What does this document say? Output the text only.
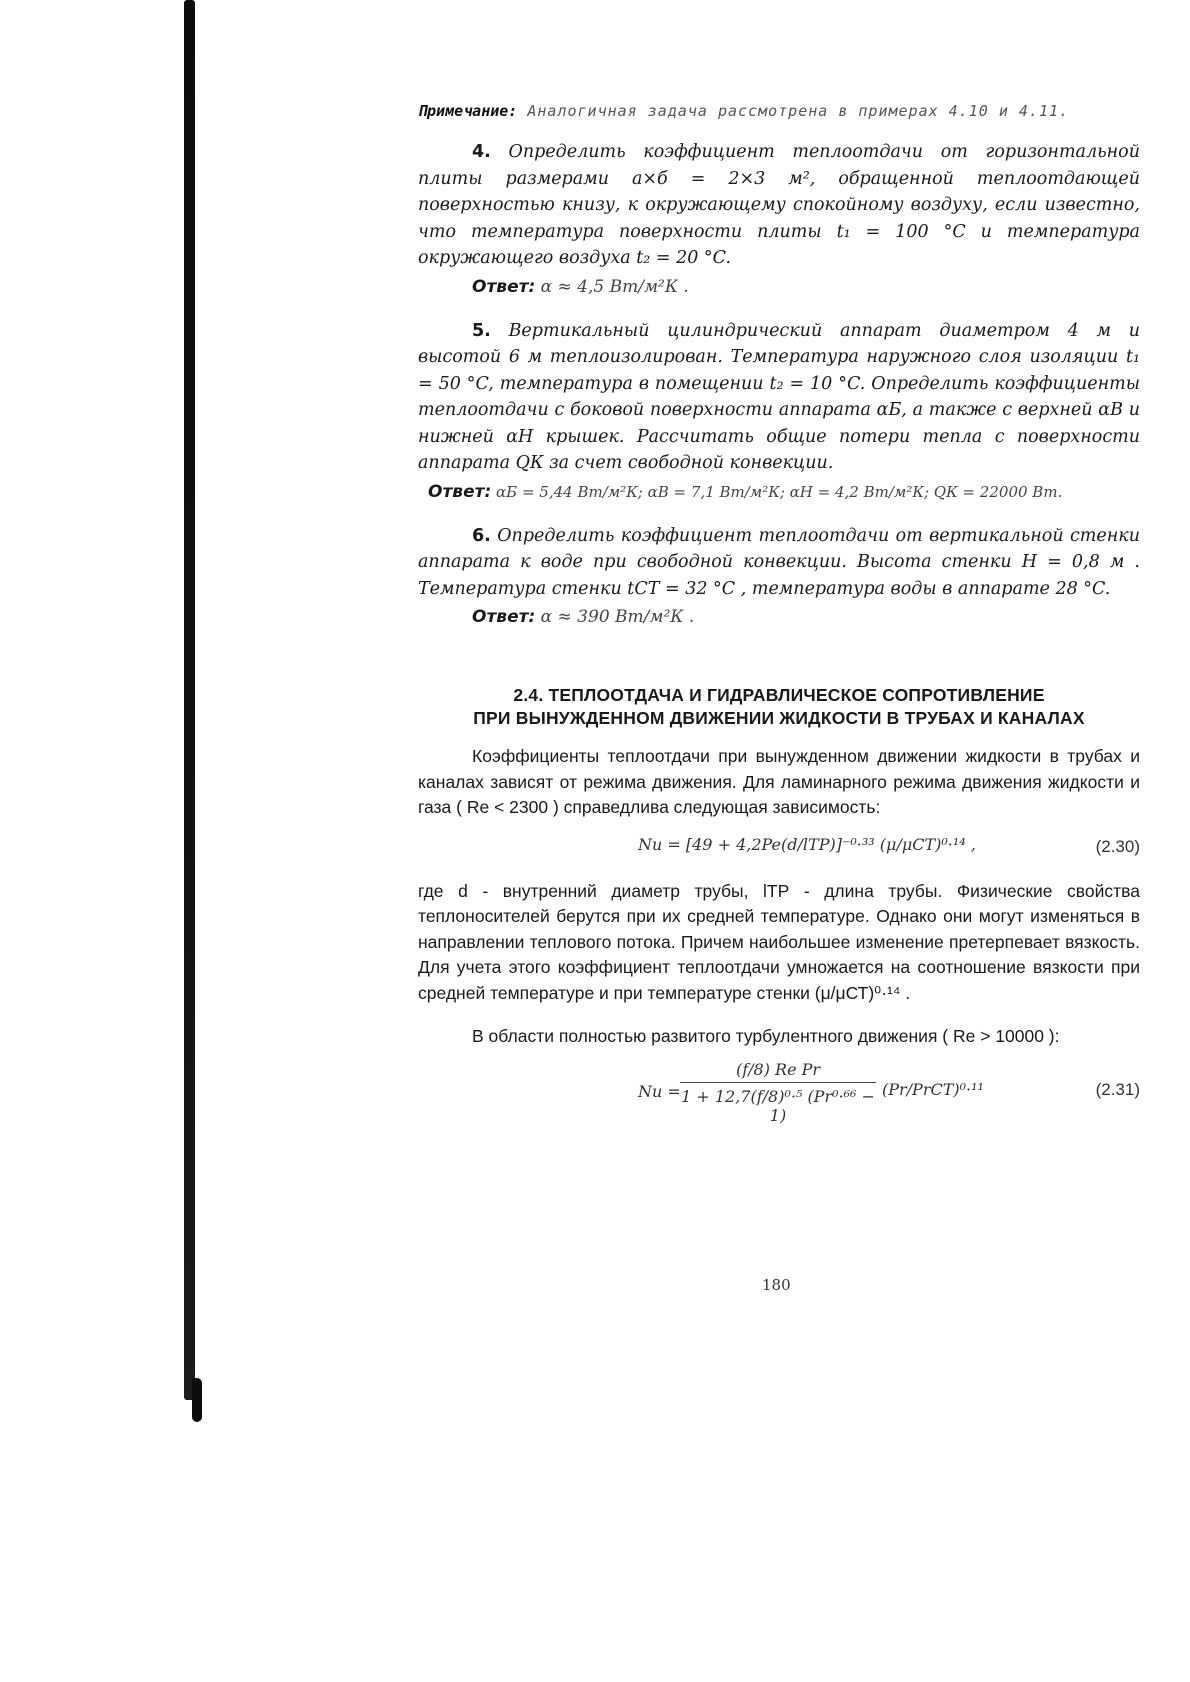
Примечание: Аналогичная задача рассмотрена в примерах 4.10 и 4.11.
4. Определить коэффициент теплоотдачи от горизонтальной плиты размерами a×б = 2×3 м², обращенной теплоотдающей поверхностью книзу, к окружающему спокойному воздуху, если известно, что температура поверхности плиты t₁ = 100 °C и температура окружающего воздуха t₂ = 20 °C.
Ответ: α ≈ 4,5 Вт/м²К .
5. Вертикальный цилиндрический аппарат диаметром 4 м и высотой 6 м теплоизолирован. Температура наружного слоя изоляции t₁ = 50 °C, температура в помещении t₂ = 10 °C. Определить коэффициенты теплоотдачи с боковой поверхности аппарата αБ, а также с верхней αВ и нижней αН крышек. Рассчитать общие потери тепла с поверхности аппарата QК за счет свободной конвекции.
Ответ: αБ = 5,44 Вт/м²К; αВ = 7,1 Вт/м²К; αН = 4,2 Вт/м²К; QК = 22000 Вт.
6. Определить коэффициент теплоотдачи от вертикальной стенки аппарата к воде при свободной конвекции. Высота стенки H = 0,8 м . Температура стенки tСТ = 32 °C , температура воды в аппарате 28 °C.
Ответ: α ≈ 390 Вт/м²К .
2.4. ТЕПЛООТДАЧА И ГИДРАВЛИЧЕСКОЕ СОПРОТИВЛЕНИЕ
ПРИ ВЫНУЖДЕННОМ ДВИЖЕНИИ ЖИДКОСТИ В ТРУБАХ И КАНАЛАХ
Коэффициенты теплоотдачи при вынужденном движении жидкости в трубах и каналах зависят от режима движения. Для ламинарного режима движения жидкости и газа ( Re < 2300 ) справедлива следующая зависимость:
Nu = [49 + 4,2Pe(d/lТР)]⁻⁰·³³ (μ/μСТ)⁰·¹⁴ ,	(2.30)
где d - внутренний диаметр трубы, lТР - длина трубы. Физические свойства теплоносителей берутся при их средней температуре. Однако они могут изменяться в направлении теплового потока. Причем наибольшее изменение претерпевает вязкость. Для учета этого коэффициент теплоотдачи умножается на соотношение вязкости при средней температуре и при температуре стенки (μ/μСТ)⁰·¹⁴ .
В области полностью развитого турбулентного движения ( Re > 10000 ):
$Nu = \frac{\text{(f/8) Re Pr}}{\text{1 + 12,7(f/8)⁰·⁵ (Pr⁰·⁶⁶ − 1)}}$ (Pr/PrСТ)⁰·¹¹	(2.31)
180
